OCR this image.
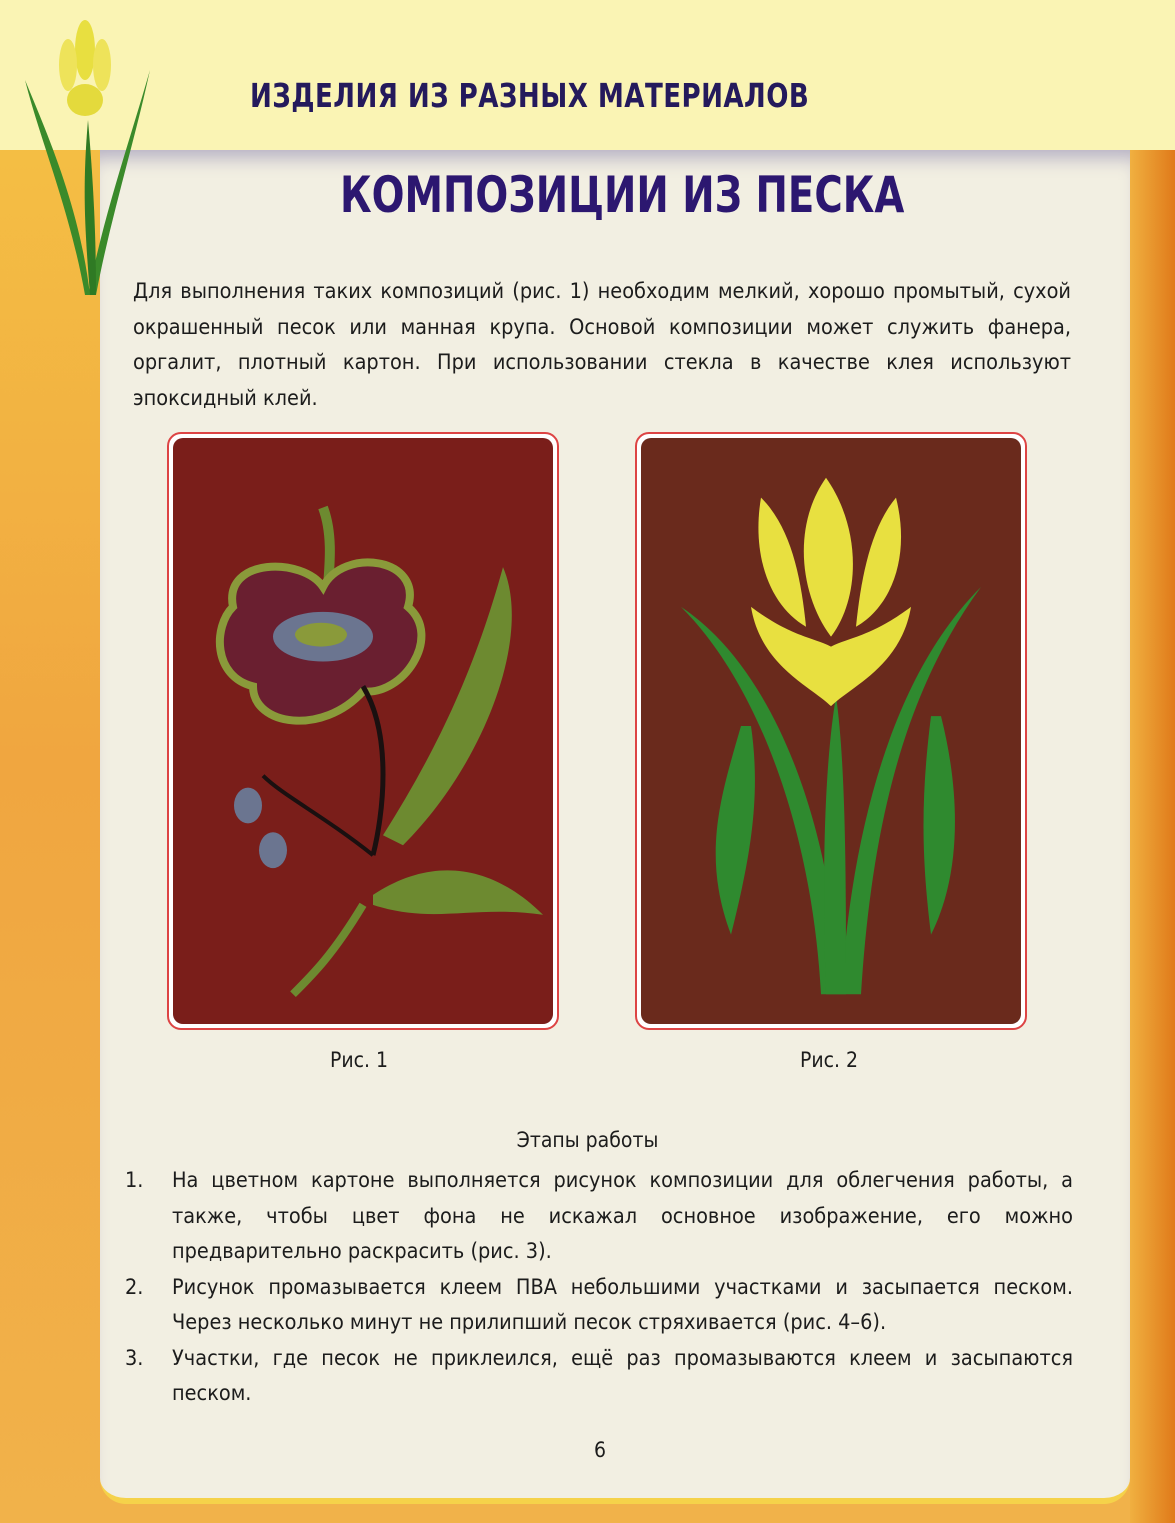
ИЗДЕЛИЯ ИЗ РАЗНЫХ МАТЕРИАЛОВ
КОМПОЗИЦИИ ИЗ ПЕСКА

Для выполнения таких композиций (рис. 1) необходим мелкий, хорошо промытый, сухой окрашенный песок или манная крупа. Основой композиции может служить фанера, оргалит, плотный картон. При использовании стекла в качестве клея используют эпоксидный клей.

Рис. 1	Рис. 2
Этапы работы
1. На цветном картоне выполняется рисунок композиции для облегчения работы, а также, чтобы цвет фона не искажал основное изображение, его можно предварительно раскрасить (рис. 3).
2. Рисунок промазывается клеем ПВА небольшими участками и засыпается песком. Через несколько минут не прилипший песок стряхивается (рис. 4–6).
3. Участки, где песок не приклеился, ещё раз промазываются клеем и засыпаются песком.
6
